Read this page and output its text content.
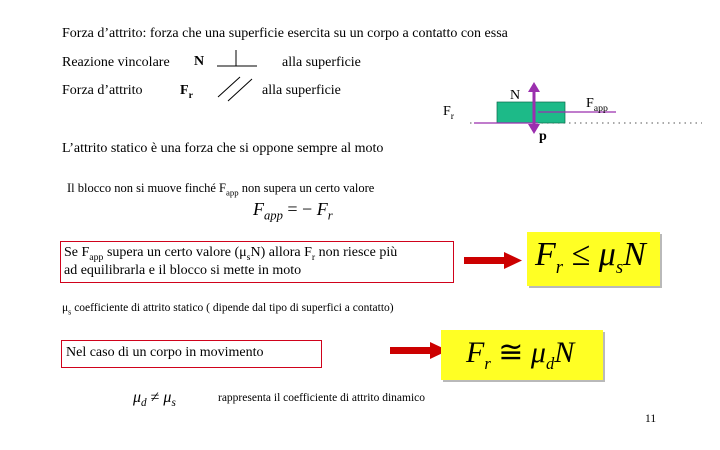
Forza d’attrito: forza che una superficie esercita su un corpo a contatto con essa
Reazione vincolare N	alla superficie
Forza d’attrito	$F_r$	alla superficie	N
p
$F_r$
$F_{app}$
L’attrito statico è una forza che si oppone sempre al moto
Il blocco non si muove finché $F_{app}$ non supera un certo valore
$F_{app}$ = − $F_r$
Se $F_{app}$ supera un certo valore $(\mu_sN)$ allora $F_r$ non riesce più
ad equilibrarla e il blocco si mette in moto	$F_r \le \mu_sN$
$\mu_s$ coefficiente di attrito statico ( dipende dal tipo di superfici a contatto)
Nel caso di un corpo in movimento	$F_r$ ≅ $\mu_dN$
$\mu_d \ne \mu_s$	rappresenta il coefficiente di attrito dinamico
11
